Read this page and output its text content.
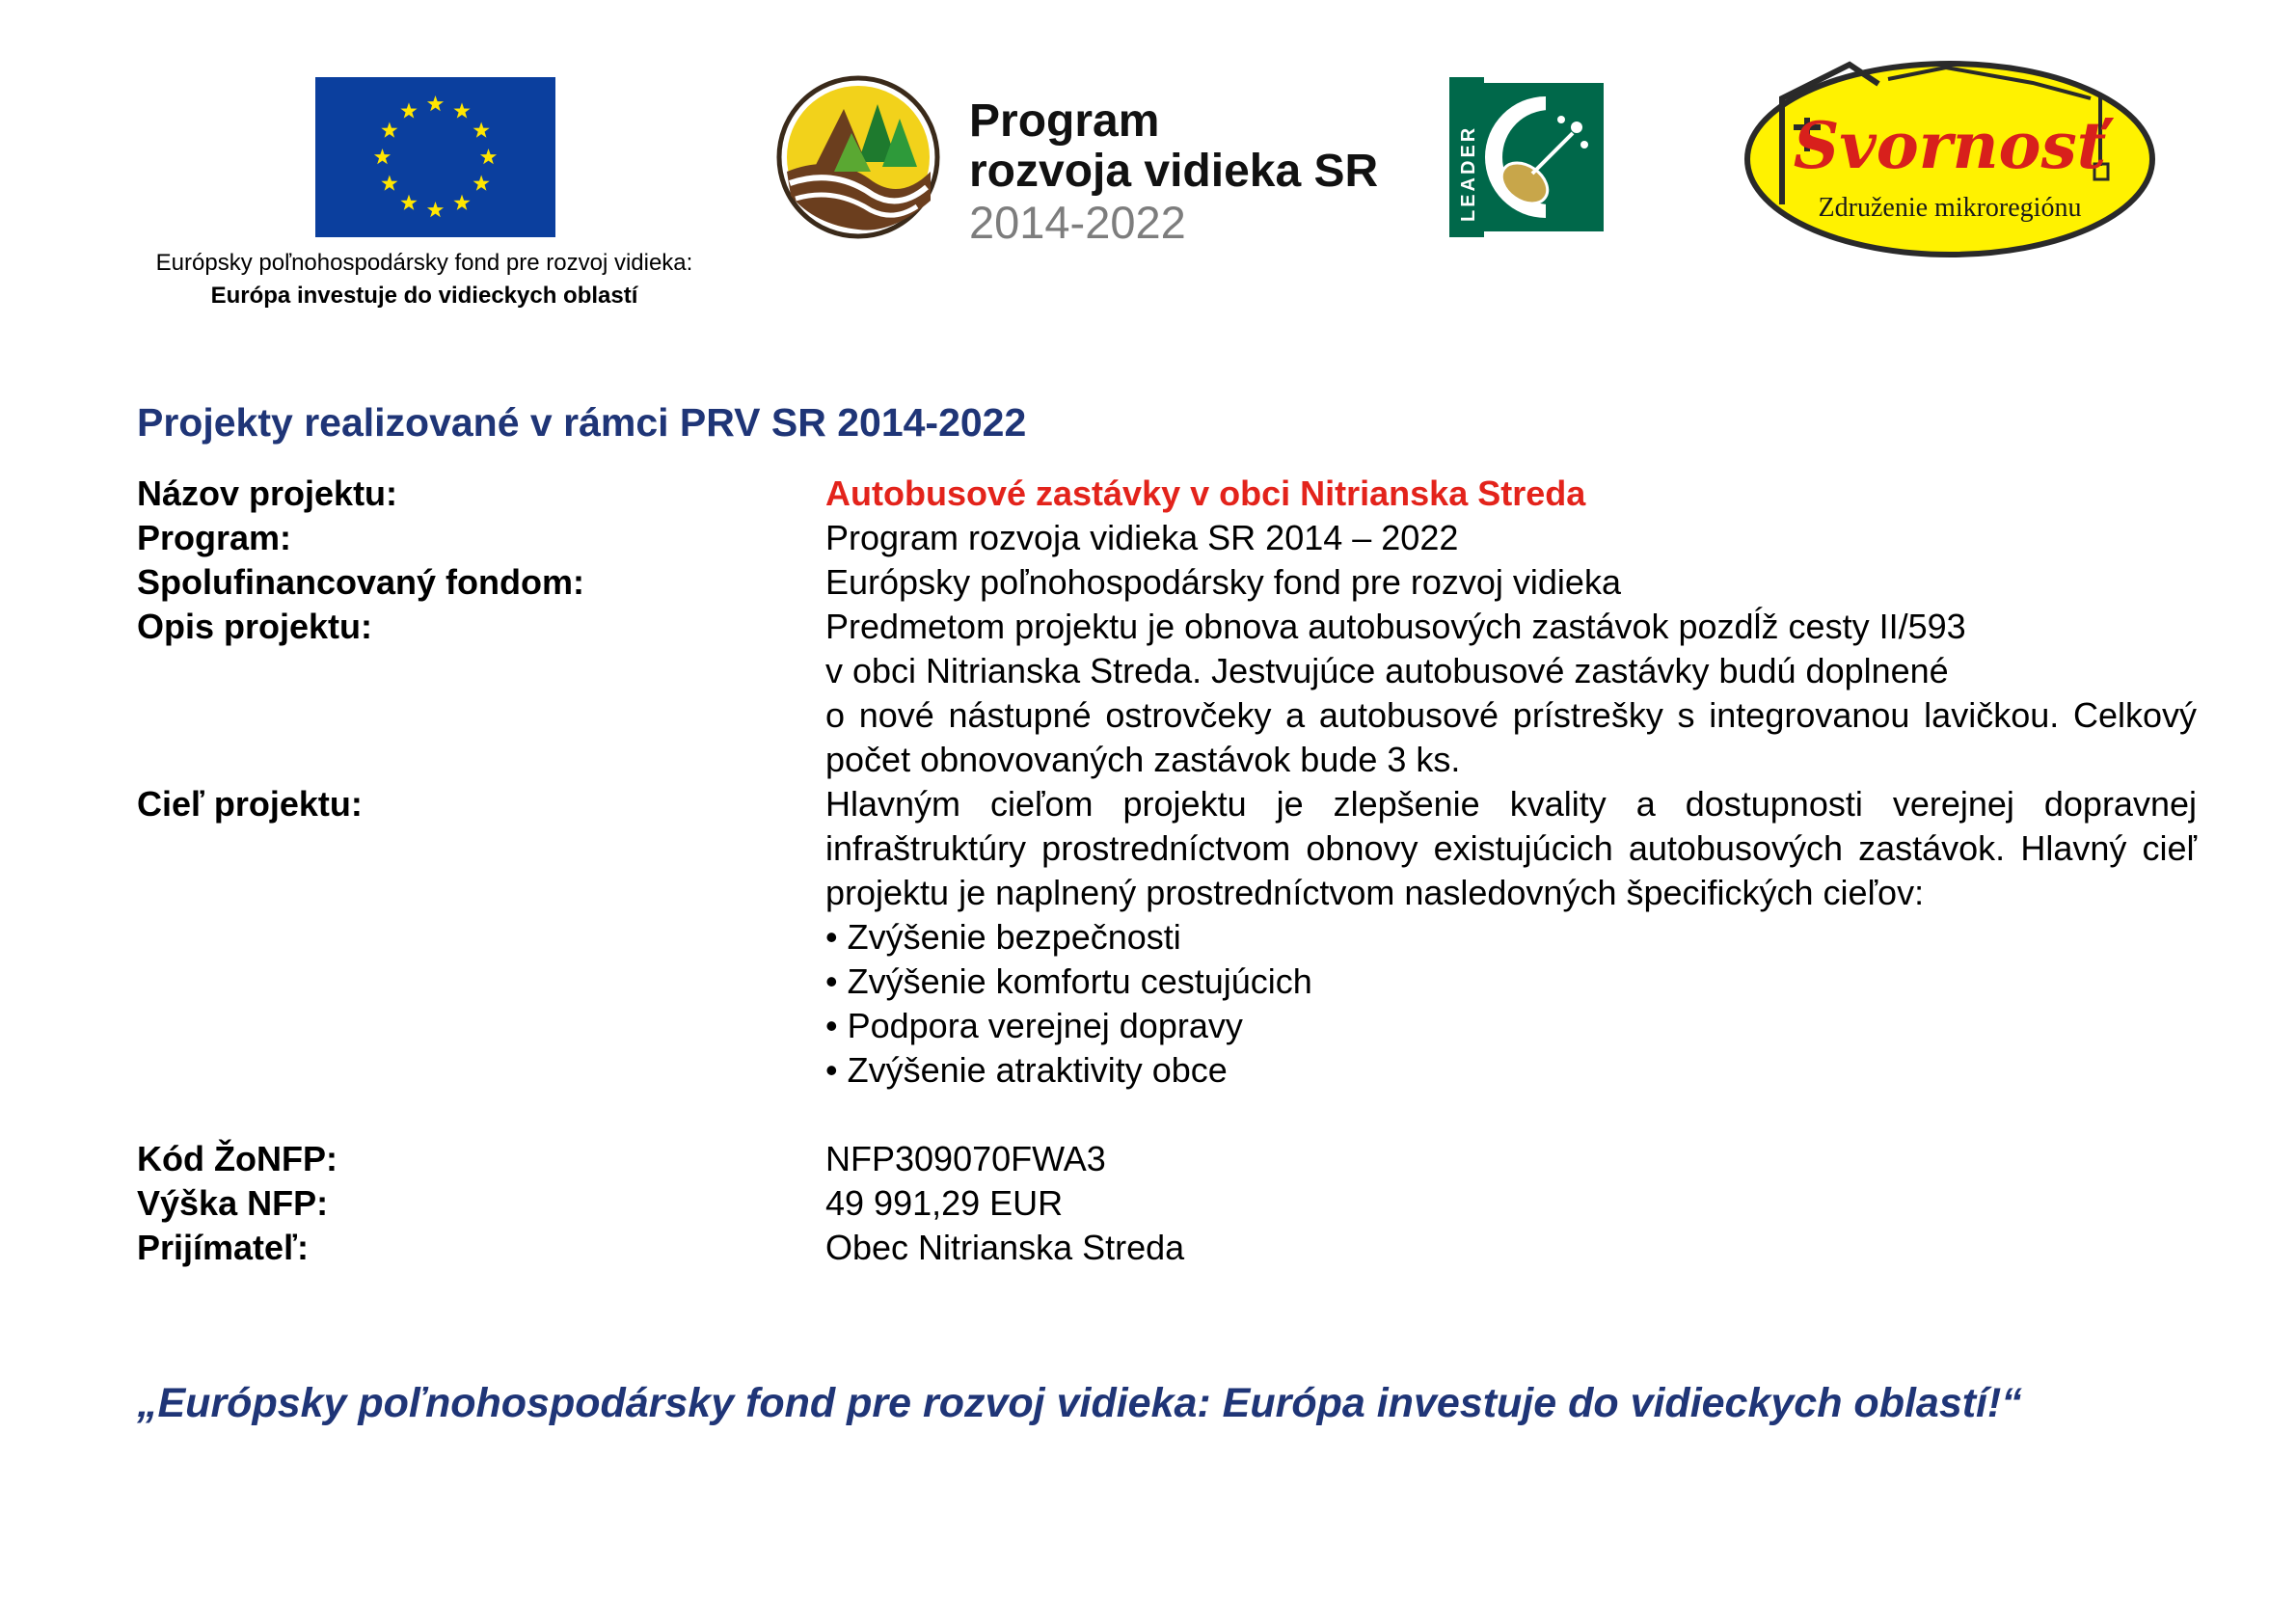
Európsky poľnohospodársky fond pre rozvoj vidieka:
Európa investuje do vidieckych oblastí
Program
rozvoja vidieka SR
2014-2022
LEADER	Svornosť
Združenie mikroregiónu
Projekty realizované v rámci PRV SR 2014-2022
Názov projektu:	Autobusové zastávky v obci Nitrianska Streda
Program:	Program rozvoja vidieka SR 2014 – 2022
Spolufinancovaný fondom:	Európsky poľnohospodársky fond pre rozvoj vidieka
Opis projektu:	Predmetom projektu je obnova autobusových zastávok pozdĺž cesty II/593

v obci Nitrianska Streda. Jestvujúce autobusové zastávky budú doplnené

o nové nástupné ostrovčeky a autobusové prístrešky s integrovanou lavičkou. Celkový počet obnovovaných zastávok bude 3 ks.

Cieľ projektu:	Hlavným cieľom projektu je zlepšenie kvality a dostupnosti verejnej dopravnej infraštruktúry prostredníctvom obnovy existujúcich autobusových zastávok. Hlavný cieľ projektu je naplnený prostredníctvom nasledovných špecifických cieľov:

• Zvýšenie bezpečnosti

• Zvýšenie komfortu cestujúcich

• Podpora verejnej dopravy

• Zvýšenie atraktivity obce

Kód ŽoNFP:	NFP309070FWA3
Výška NFP:	49 991,29 EUR
Prijímateľ:	Obec Nitrianska Streda
„Európsky poľnohospodársky fond pre rozvoj vidieka: Európa investuje do vidieckych oblastí!“
